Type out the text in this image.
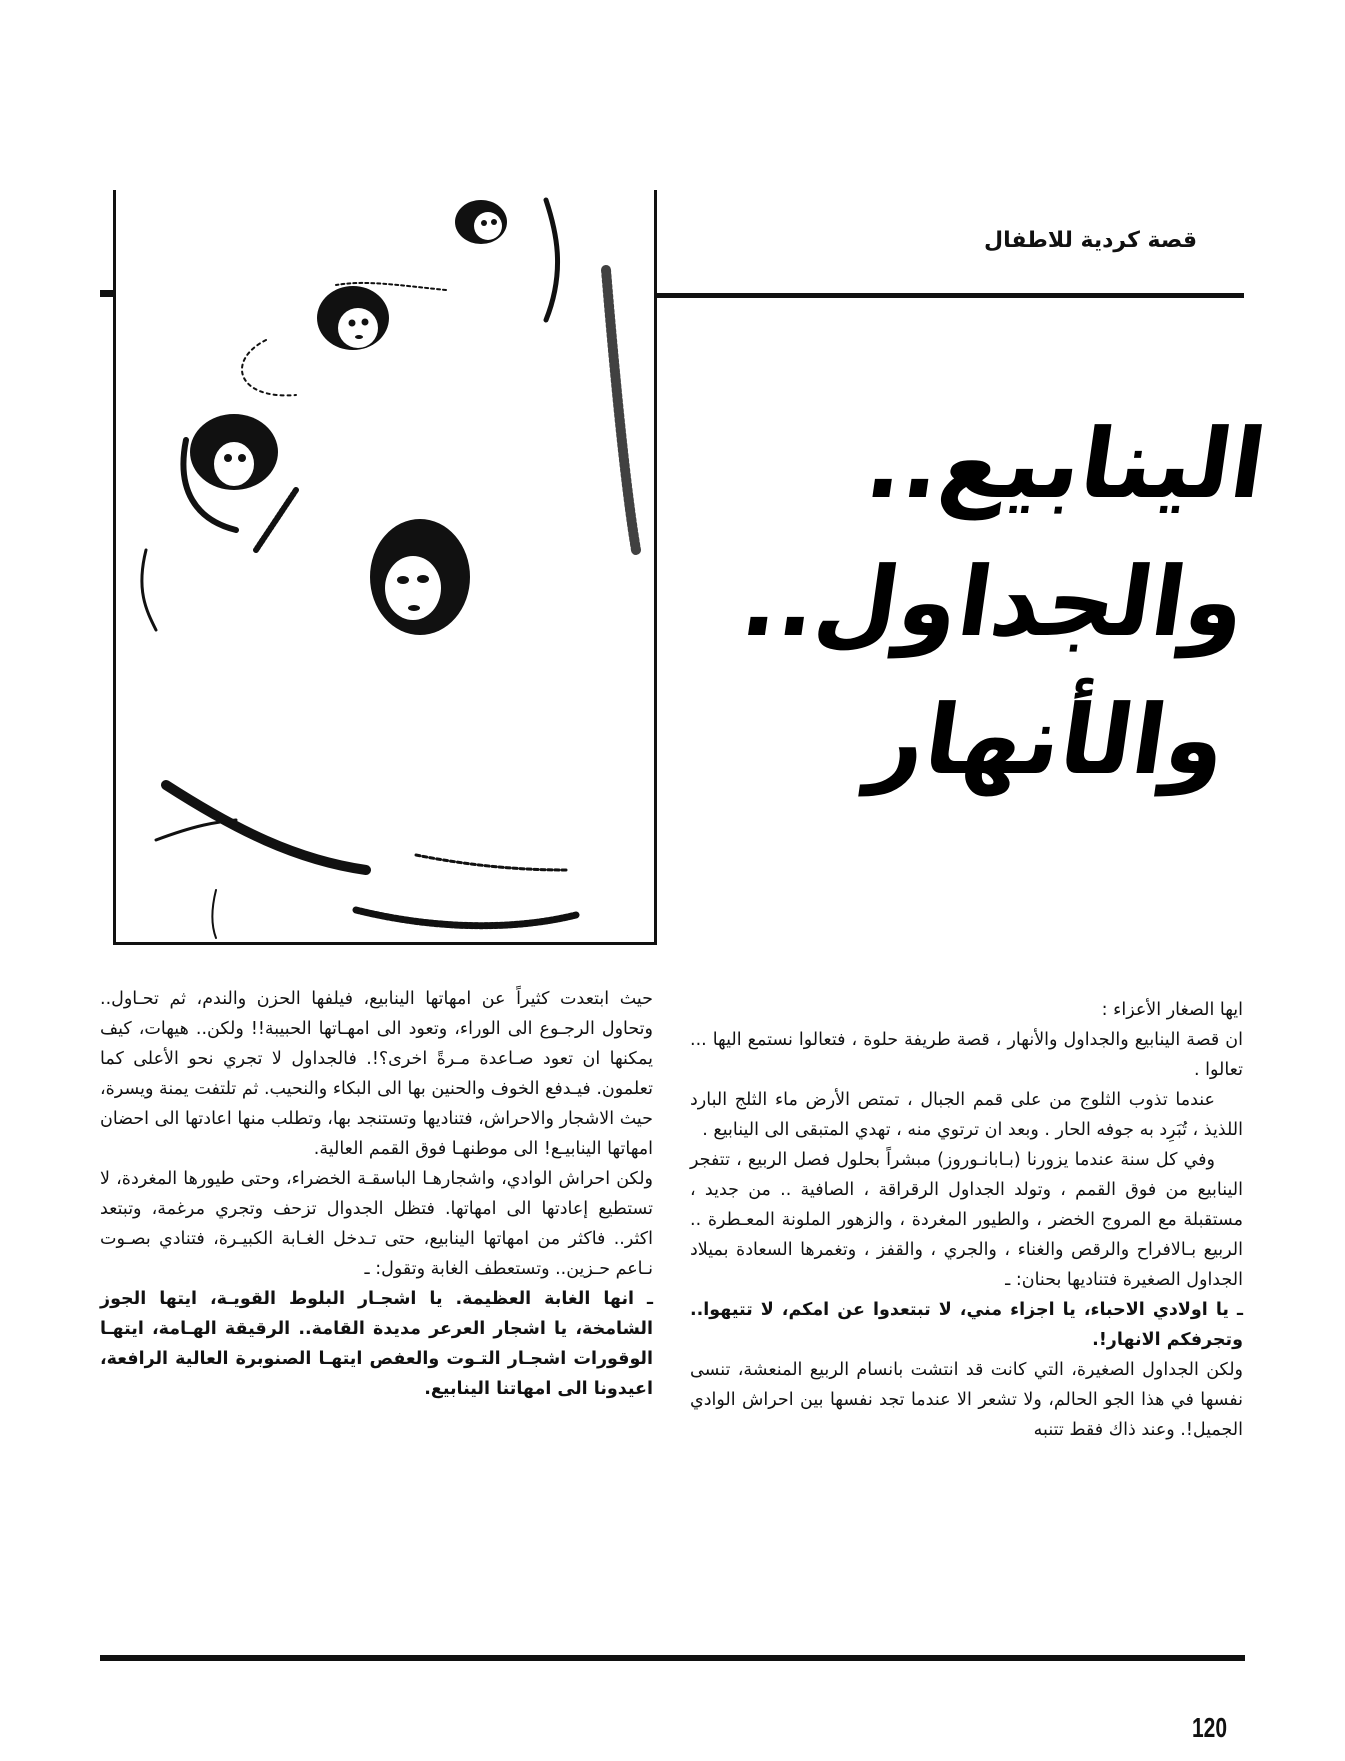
قصة كردية للاطفال
الينابيع..
والجداول..
والأنهار

ايها الصغار الأعزاء :

ان قصة الينابيع والجداول والأنهار ، قصة طريفة حلوة ، فتعالوا نستمع اليها ... تعالوا .

عندما تذوب الثلوج من على قمم الجبال ، تمتص الأرض ماء الثلج البارد اللذيذ ، تُبَرِد به جوفه الحار . وبعد ان ترتوي منه ، تهدي المتبقى الى الينابيع .

وفي كل سنة عندما يزورنا (بـابانـوروز) مبشراً بحلول فصل الربيع ، تتفجر الينابيع من فوق القمم ، وتولد الجداول الرقراقة ، الصافية .. من جديد ، مستقبلة مع المروج الخضر ، والطيور المغردة ، والزهور الملونة المعـطرة .. الربيع بـالافراح والرقص والغناء ، والجري ، والقفز ، وتغمرها السعادة بميلاد الجداول الصغيرة فتناديها بحنان: ـ

ـ يا اولادي الاحباء، يا اجزاء مني، لا تبتعدوا عن امكم، لا تتيهوا.. وتجرفكم الانهار!.

ولكن الجداول الصغيرة، التي كانت قد انتشت بانسام الربيع المنعشة، تنسى نفسها في هذا الجو الحالم، ولا تشعر الا عندما تجد نفسها بين احراش الوادي الجميل!. وعند ذاك فقط تتنبه

حيث ابتعدت كثيراً عن امهاتها الينابيع، فيلفها الحزن والندم، ثم تحـاول.. وتحاول الرجـوع الى الوراء، وتعود الى امهـاتها الحبيبة!! ولكن.. هيهات، كيف يمكنها ان تعود صـاعدة مـرةً اخرى؟!. فالجداول لا تجري نحو الأعلى كما تعلمون. فيـدفع الخوف والحنين بها الى البكاء والنحيب. ثم تلتفت يمنة ويسرة، حيث الاشجار والاحراش، فتناديها وتستنجد بها، وتطلب منها اعادتها الى احضان امهاتها الينابيـع! الى موطنهـا فوق القمم العالية.

ولكن احراش الوادي، واشجارهـا الباسقـة الخضراء، وحتى طيورها المغردة، لا تستطيع إعادتها الى امهاتها. فتظل الجدوال تزحف وتجري مرغمة، وتبتعد اكثر.. فاكثر من امهاتها الينابيع، حتى تـدخل الغـابة الكبيـرة، فتنادي بصـوت نـاعم حـزين.. وتستعطف الغابة وتقول: ـ

ـ انها الغابة العظيمة. يا اشجـار البلوط القويـة، ايتها الجوز الشامخة، يا اشجار العرعر مديدة القامة.. الرقيقة الهـامة، ايتهـا الوقورات اشجـار التـوت والعفص ايتهـا الصنوبرة العالية الرافعة، اعيدونا الى امهاتنا الينابيع.

120
